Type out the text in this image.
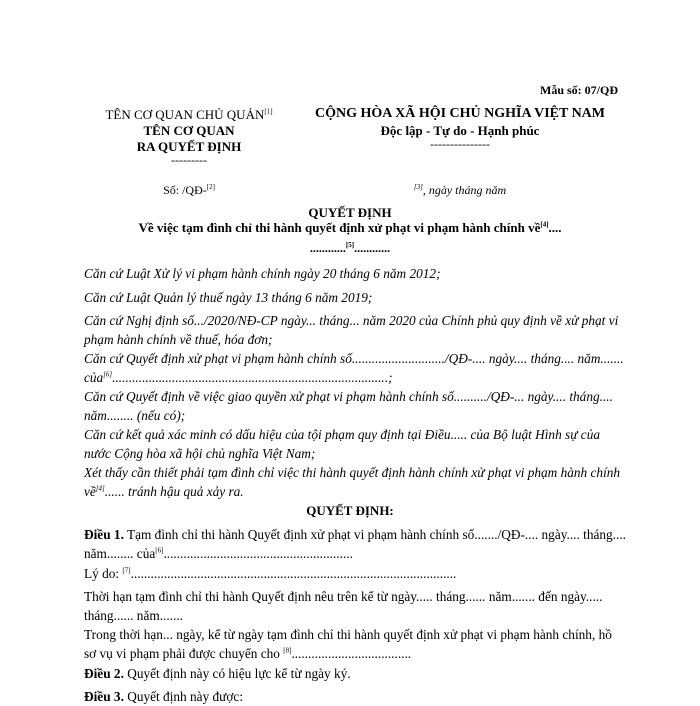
Mẫu số: 07/QĐ
TÊN CƠ QUAN CHỦ QUẢN[1]
TÊN CƠ QUAN
RA QUYẾT ĐỊNH
---------
Số: /QĐ-[2]
CỘNG HÒA XÃ HỘI CHỦ NGHĨA VIỆT NAM
Độc lập - Tự do - Hạnh phúc
---------------
[3], ngày tháng năm
QUYẾT ĐỊNH
Về việc tạm đình chỉ thi hành quyết định xử phạt vi phạm hành chính về[4]....
............[5]............
Căn cứ Luật Xử lý vi phạm hành chính ngày 20 tháng 6 năm 2012;
Căn cứ Luật Quản lý thuế ngày 13 tháng 6 năm 2019;
Căn cứ Nghị định số.../2020/NĐ-CP ngày... tháng... năm 2020 của Chính phủ quy định về xử phạt vi phạm hành chính về thuế, hóa đơn;
Căn cứ Quyết định xử phạt vi phạm hành chính số............................/QĐ-.... ngày.... tháng.... năm....... của[6]...................................................................................;
Căn cứ Quyết định về việc giao quyền xử phạt vi phạm hành chính số........../QĐ-... ngày.... tháng.... năm........ (nếu có);
Căn cứ kết quả xác minh có dấu hiệu của tội phạm quy định tại Điều..... của Bộ luật Hình sự của nước Cộng hòa xã hội chủ nghĩa Việt Nam;
Xét thấy cần thiết phải tạm đình chỉ việc thi hành quyết định hành chính xử phạt vi phạm hành chính về[4]...... tránh hậu quả xảy ra.
QUYẾT ĐỊNH:
Điều 1. Tạm đình chỉ thi hành Quyết định xử phạt vi phạm hành chính số......./QĐ-.... ngày.... tháng.... năm........ của[6].........................................................
Lý do: [7]..................................................................................................
Thời hạn tạm đình chỉ thi hành Quyết định nêu trên kể từ ngày..... tháng...... năm....... đến ngày..... tháng...... năm.......
Trong thời hạn... ngày, kể từ ngày tạm đình chỉ thi hành quyết định xử phạt vi phạm hành chính, hồ sơ vụ vi phạm phải được chuyển cho [8]....................................
Điều 2. Quyết định này có hiệu lực kể từ ngày ký.
Điều 3. Quyết định này được:
